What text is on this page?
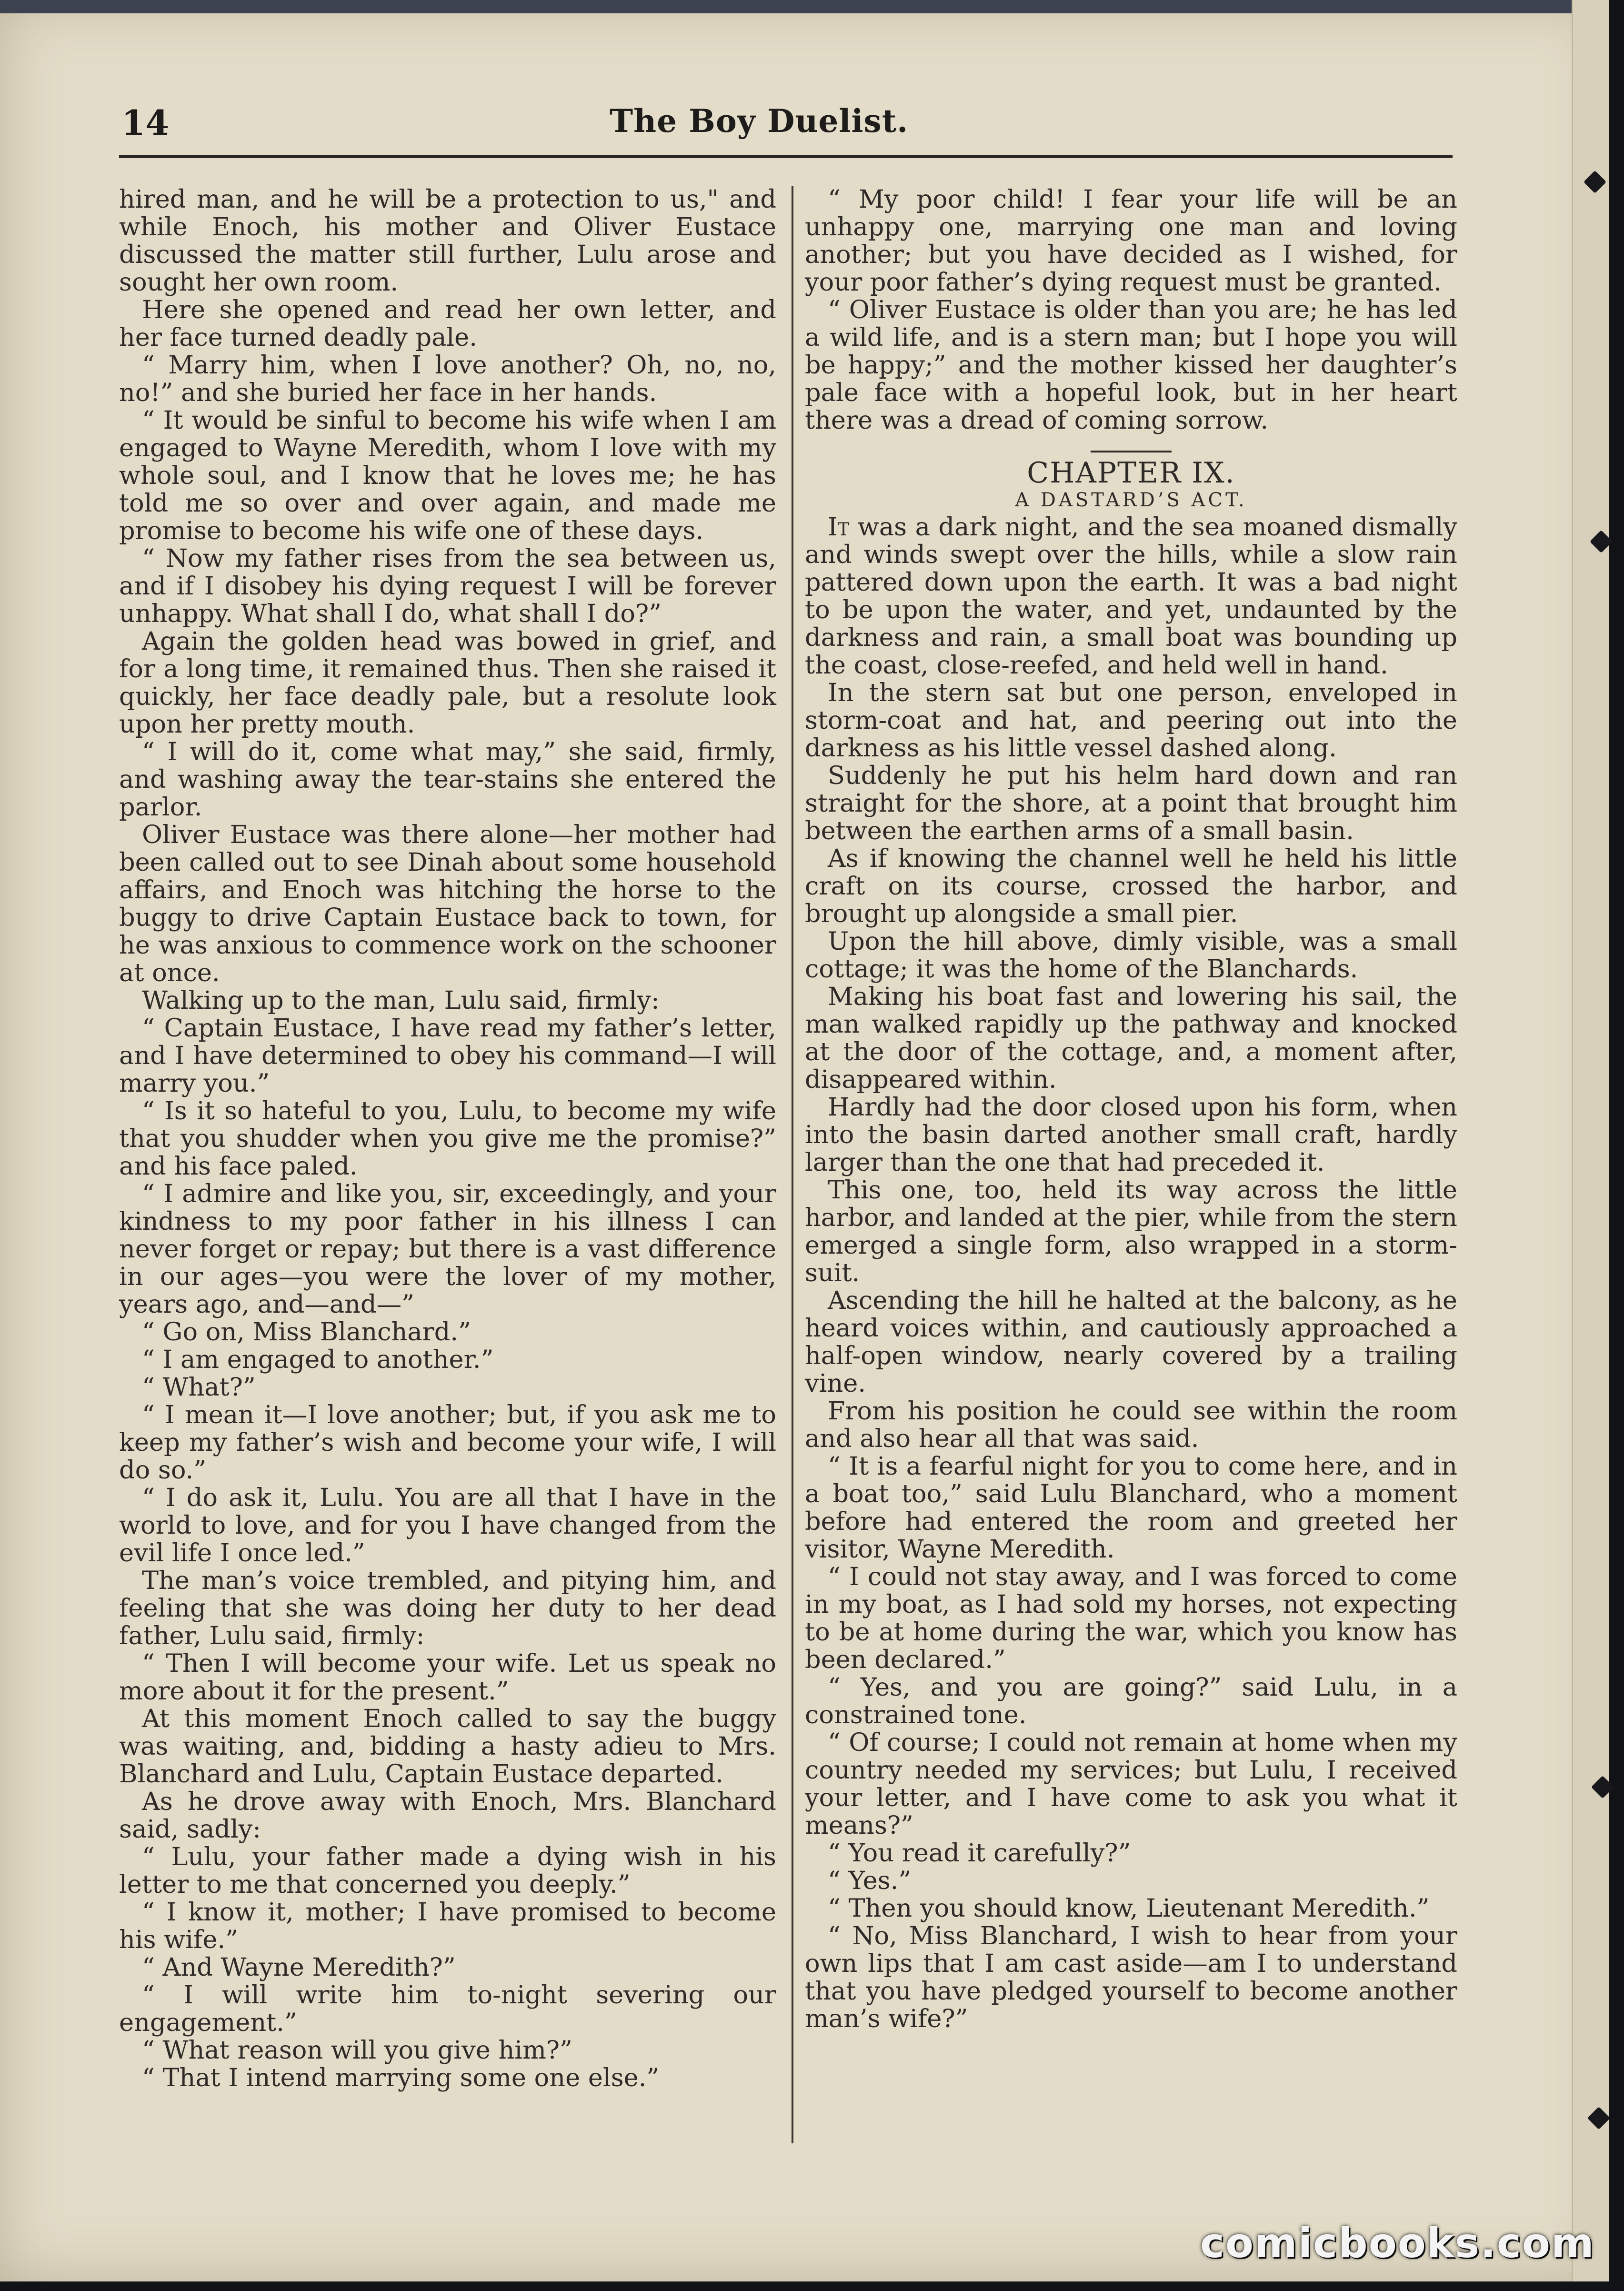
14	The Boy Duelist.

hired man, and he will be a protection to us," and while Enoch, his mother and Oliver Eustace discussed the matter still further, Lulu arose and sought her own room.

Here she opened and read her own letter, and her face turned deadly pale.

“ Marry him, when I love another? Oh, no, no, no!” and she buried her face in her hands.

“ It would be sinful to become his wife when I am engaged to Wayne Meredith, whom I love with my whole soul, and I know that he loves me; he has told me so over and over again, and made me promise to become his wife one of these days.

“ Now my father rises from the sea between us, and if I disobey his dying request I will be forever unhappy. What shall I do, what shall I do?”

Again the golden head was bowed in grief, and for a long time, it remained thus. Then she raised it quickly, her face deadly pale, but a resolute look upon her pretty mouth.

“ I will do it, come what may,” she said, firmly, and washing away the tear-stains she entered the parlor.

Oliver Eustace was there alone—her mother had been called out to see Dinah about some household affairs, and Enoch was hitching the horse to the buggy to drive Captain Eustace back to town, for he was anxious to commence work on the schooner at once.

Walking up to the man, Lulu said, firmly:

“ Captain Eustace, I have read my father’s letter, and I have determined to obey his command—I will marry you.”

“ Is it so hateful to you, Lulu, to become my wife that you shudder when you give me the promise?” and his face paled.

“ I admire and like you, sir, exceedingly, and your kindness to my poor father in his illness I can never forget or repay; but there is a vast difference in our ages—you were the lover of my mother, years ago, and—and—”

“ Go on, Miss Blanchard.”

“ I am engaged to another.”

“ What?”

“ I mean it—I love another; but, if you ask me to keep my father’s wish and become your wife, I will do so.”

“ I do ask it, Lulu. You are all that I have in the world to love, and for you I have changed from the evil life I once led.”

The man’s voice trembled, and pitying him, and feeling that she was doing her duty to her dead father, Lulu said, firmly:

“ Then I will become your wife. Let us speak no more about it for the present.”

At this moment Enoch called to say the buggy was waiting, and, bidding a hasty adieu to Mrs. Blanchard and Lulu, Captain Eustace departed.

As he drove away with Enoch, Mrs. Blanchard said, sadly:

“ Lulu, your father made a dying wish in his letter to me that concerned you deeply.”

“ I know it, mother; I have promised to become his wife.”

“ And Wayne Meredith?”

“ I will write him to-night severing our engagement.”

“ What reason will you give him?”

“ That I intend marrying some one else.”

“ My poor child! I fear your life will be an unhappy one, marrying one man and loving another; but you have decided as I wished, for your poor father’s dying request must be granted.

“ Oliver Eustace is older than you are; he has led a wild life, and is a stern man; but I hope you will be happy;” and the mother kissed her daughter’s pale face with a hopeful look, but in her heart there was a dread of coming sorrow.

CHAPTER IX.
A DASTARD’S ACT.

It was a dark night, and the sea moaned dismally and winds swept over the hills, while a slow rain pattered down upon the earth. It was a bad night to be upon the water, and yet, undaunted by the darkness and rain, a small boat was bounding up the coast, close-reefed, and held well in hand.

In the stern sat but one person, enveloped in storm-coat and hat, and peering out into the darkness as his little vessel dashed along.

Suddenly he put his helm hard down and ran straight for the shore, at a point that brought him between the earthen arms of a small basin.

As if knowing the channel well he held his little craft on its course, crossed the harbor, and brought up alongside a small pier.

Upon the hill above, dimly visible, was a small cottage; it was the home of the Blanchards.

Making his boat fast and lowering his sail, the man walked rapidly up the pathway and knocked at the door of the cottage, and, a moment after, disappeared within.

Hardly had the door closed upon his form, when into the basin darted another small craft, hardly larger than the one that had preceded it.

This one, too, held its way across the little harbor, and landed at the pier, while from the stern emerged a single form, also wrapped in a storm-suit.

Ascending the hill he halted at the balcony, as he heard voices within, and cautiously approached a half-open window, nearly covered by a trailing vine.

From his position he could see within the room and also hear all that was said.

“ It is a fearful night for you to come here, and in a boat too,” said Lulu Blanchard, who a moment before had entered the room and greeted her visitor, Wayne Meredith.

“ I could not stay away, and I was forced to come in my boat, as I had sold my horses, not expecting to be at home during the war, which you know has been declared.”

“ Yes, and you are going?” said Lulu, in a constrained tone.

“ Of course; I could not remain at home when my country needed my services; but Lulu, I received your letter, and I have come to ask you what it means?”

“ You read it carefully?”

“ Yes.”

“ Then you should know, Lieutenant Meredith.”

“ No, Miss Blanchard, I wish to hear from your own lips that I am cast aside—am I to understand that you have pledged yourself to become another man’s wife?”

comicbooks.com
